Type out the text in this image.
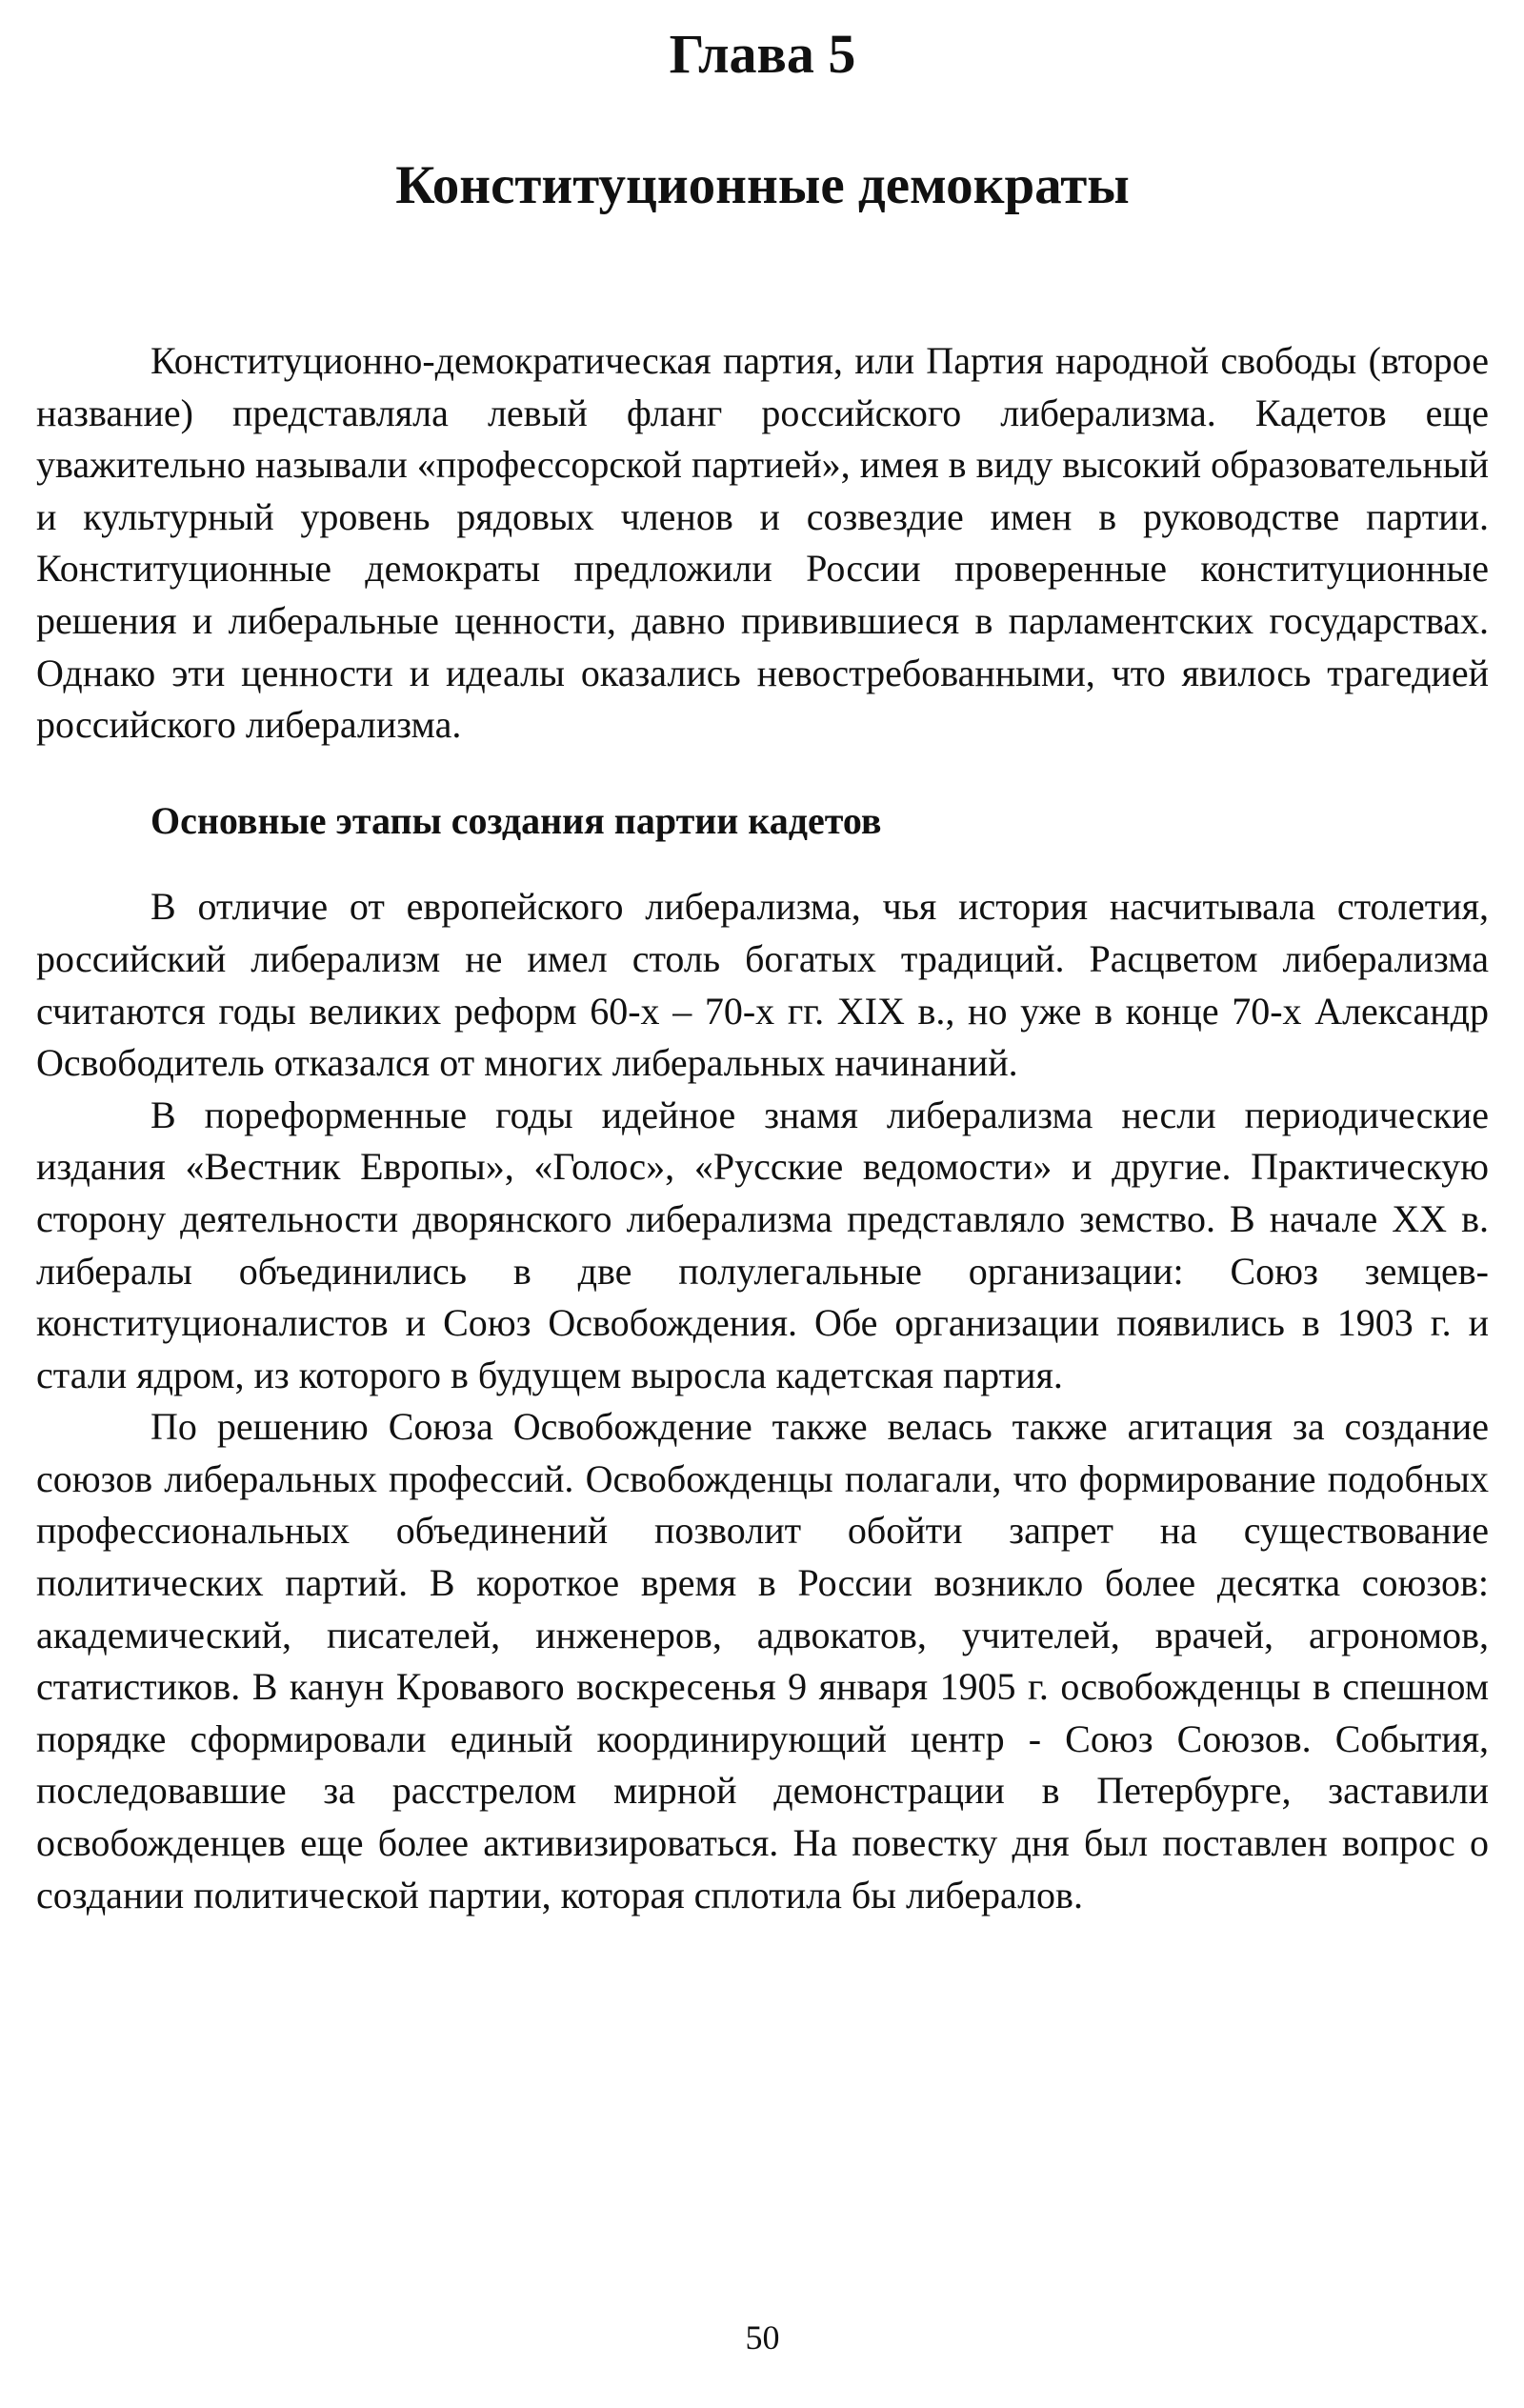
Глава 5
Конституционные демократы

Конституционно-демократическая партия, или Партия народной свободы (второе название) представляла левый фланг российского либерализма. Кадетов еще уважительно называли «профессорской партией», имея в виду высокий образовательный и культурный уровень рядовых членов и созвездие имен в руководстве партии. Конституционные демократы предложили России проверенные конституционные решения и либеральные ценности, давно привившиеся в парламентских государствах. Однако эти ценности и идеалы оказались невостребованными, что явилось трагедией российского либерализма.

Основные этапы создания партии кадетов

В отличие от европейского либерализма, чья история насчитывала столетия, российский либерализм не имел столь богатых традиций. Расцветом либерализма считаются годы великих реформ 60-х – 70-х гг. XIX в., но уже в конце 70-х Александр Освободитель отказался от многих либеральных начинаний.

В пореформенные годы идейное знамя либерализма несли периодические издания «Вестник Европы», «Голос», «Русские ведомости» и другие. Практическую сторону деятельности дворянского либерализма представляло земство. В начале XX в. либералы объединились в две полулегальные организации: Союз земцев-конституционалистов и Союз Освобождения. Обе организации появились в 1903 г. и стали ядром, из которого в будущем выросла кадетская партия.

По решению Союза Освобождение также велась также агитация за создание союзов либеральных профессий. Освобожденцы полагали, что формирование подобных профессиональных объединений позволит обойти запрет на существование политических партий. В короткое время в России возникло более десятка союзов: академический, писателей, инженеров, адвокатов, учителей, врачей, агрономов, статистиков. В канун Кровавого воскресенья 9 января 1905 г. освобожденцы в спешном порядке сформировали единый координирующий центр - Союз Союзов. События, последовавшие за расстрелом мирной демонстрации в Петербурге, заставили освобожденцев еще более активизироваться. На повестку дня был поставлен вопрос о создании политической партии, которая сплотила бы либералов.

50
